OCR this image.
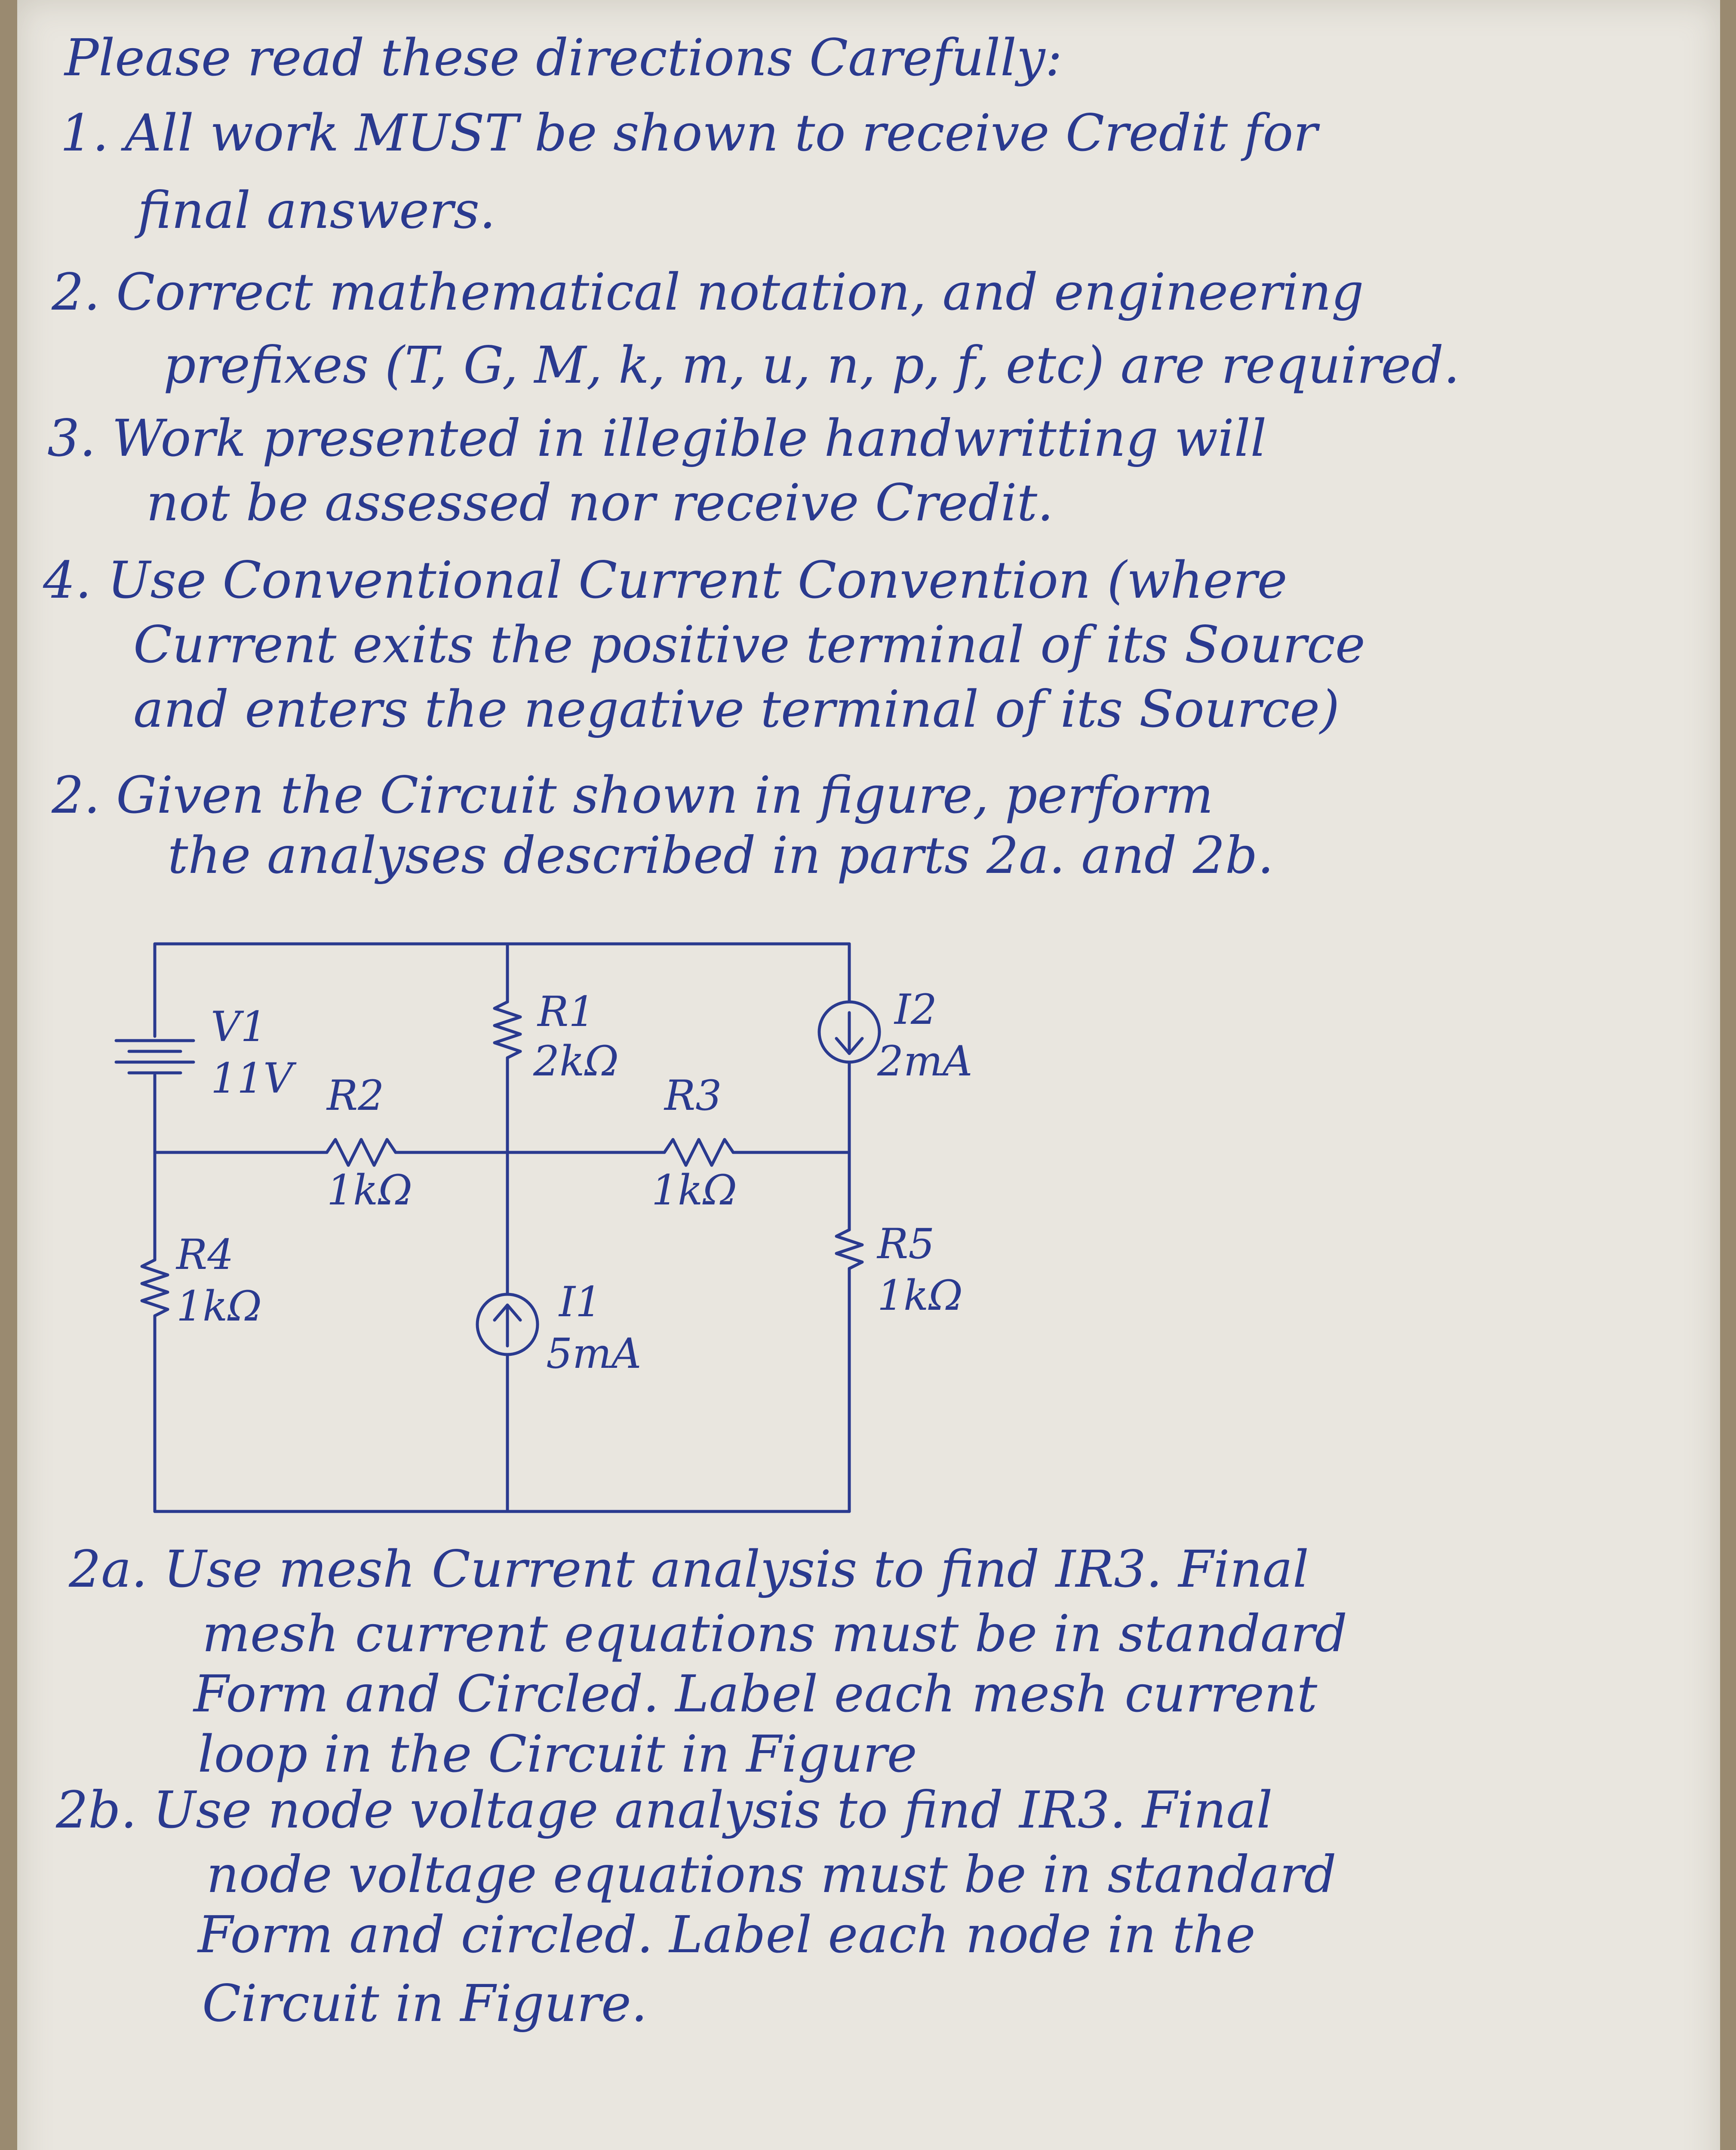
Please read these directions Carefully:
1. All work MUST be shown to receive Credit for
final answers.
2. Correct mathematical notation, and engineering
prefixes (T, G, M, k, m, u, n, p, f, etc) are required.
3. Work presented in illegible handwritting will
not be assessed nor receive Credit.
4. Use Conventional Current Convention (where
Current exits the positive terminal of its Source
and enters the negative terminal of its Source)
2. Given the Circuit shown in figure, perform
the analyses described in parts 2a. and 2b.
V1
11V
R1
2kΩ
I2
2mA
R2
1kΩ
R3
1kΩ
R4
1kΩ	I1
5mA
R5
1kΩ
2a. Use mesh Current analysis to find IR3. Final
mesh current equations must be in standard
Form and Circled. Label each mesh current
loop in the Circuit in Figure
2b. Use node voltage analysis to find IR3. Final
node voltage equations must be in standard
Form and circled. Label each node in the
Circuit in Figure.
